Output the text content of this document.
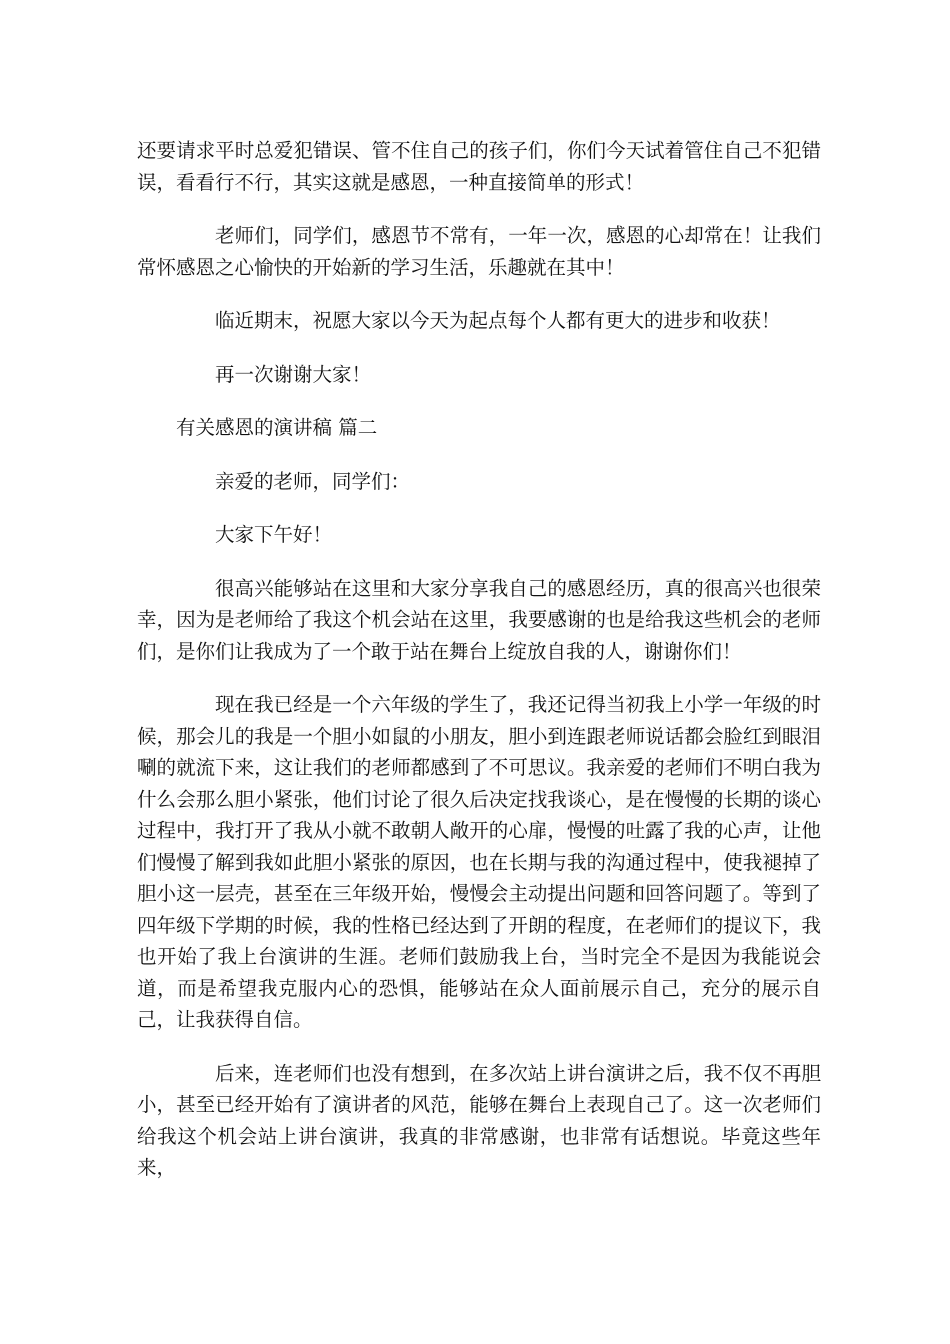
还要请求平时总爱犯错误、管不住自己的孩子们，你们今天试着管住自己不犯错误，看看行不行，其实这就是感恩，一种直接简单的形式！

老师们，同学们，感恩节不常有，一年一次，感恩的心却常在！让我们常怀感恩之心愉快的开始新的学习生活，乐趣就在其中！

临近期末，祝愿大家以今天为起点每个人都有更大的进步和收获！

再一次谢谢大家！

有关感恩的演讲稿 篇二

亲爱的老师，同学们：

大家下午好！

很高兴能够站在这里和大家分享我自己的感恩经历，真的很高兴也很荣幸，因为是老师给了我这个机会站在这里，我要感谢的也是给我这些机会的老师们，是你们让我成为了一个敢于站在舞台上绽放自我的人，谢谢你们！

现在我已经是一个六年级的学生了，我还记得当初我上小学一年级的时候，那会儿的我是一个胆小如鼠的小朋友，胆小到连跟老师说话都会脸红到眼泪唰的就流下来，这让我们的老师都感到了不可思议。我亲爱的老师们不明白我为什么会那么胆小紧张，他们讨论了很久后决定找我谈心，是在慢慢的长期的谈心过程中，我打开了我从小就不敢朝人敞开的心扉，慢慢的吐露了我的心声，让他们慢慢了解到我如此胆小紧张的原因，也在长期与我的沟通过程中，使我褪掉了胆小这一层壳，甚至在三年级开始，慢慢会主动提出问题和回答问题了。等到了四年级下学期的时候，我的性格已经达到了开朗的程度，在老师们的提议下，我也开始了我上台演讲的生涯。老师们鼓励我上台，当时完全不是因为我能说会道，而是希望我克服内心的恐惧，能够站在众人面前展示自己，充分的展示自己，让我获得自信。

后来，连老师们也没有想到，在多次站上讲台演讲之后，我不仅不再胆小，甚至已经开始有了演讲者的风范，能够在舞台上表现自己了。这一次老师们给我这个机会站上讲台演讲，我真的非常感谢，也非常有话想说。毕竟这些年来，
